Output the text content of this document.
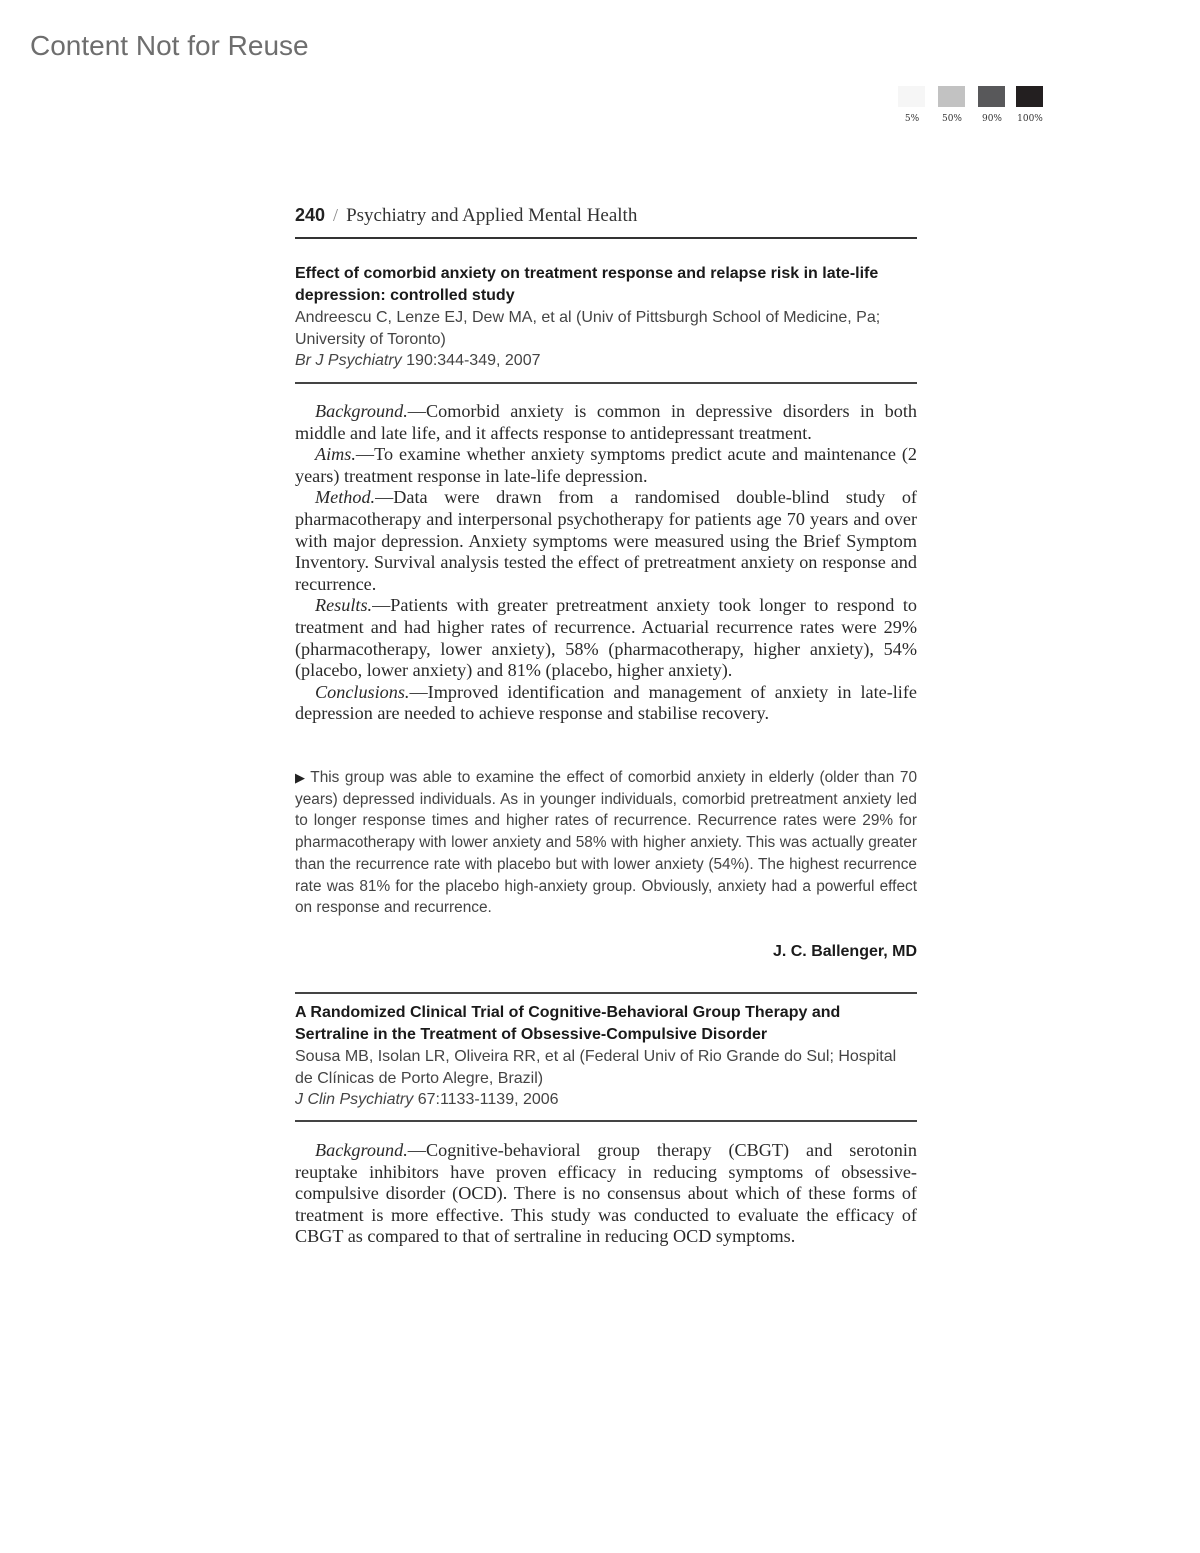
Content Not for Reuse
5%	50%	90%	100%
240 / Psychiatry and Applied Mental Health
Effect of comorbid anxiety on treatment response and relapse risk in late-life depression: controlled study
Andreescu C, Lenze EJ, Dew MA, et al (Univ of Pittsburgh School of Medicine, Pa; University of Toronto)
Br J Psychiatry 190:344-349, 2007

Background.—Comorbid anxiety is common in depressive disorders in both middle and late life, and it affects response to antidepressant treatment.

Aims.—To examine whether anxiety symptoms predict acute and maintenance (2 years) treatment response in late-life depression.

Method.—Data were drawn from a randomised double-blind study of pharmacotherapy and interpersonal psychotherapy for patients age 70 years and over with major depression. Anxiety symptoms were measured using the Brief Symptom Inventory. Survival analysis tested the effect of pretreatment anxiety on response and recurrence.

Results.—Patients with greater pretreatment anxiety took longer to respond to treatment and had higher rates of recurrence. Actuarial recurrence rates were 29% (pharmacotherapy, lower anxiety), 58% (pharmacotherapy, higher anxiety), 54% (placebo, lower anxiety) and 81% (placebo, higher anxiety).

Conclusions.—Improved identification and management of anxiety in late-life depression are needed to achieve response and stabilise recovery.

▶ This group was able to examine the effect of comorbid anxiety in elderly (older than 70 years) depressed individuals. As in younger individuals, comorbid pretreatment anxiety led to longer response times and higher rates of recurrence. Recurrence rates were 29% for pharmacotherapy with lower anxiety and 58% with higher anxiety. This was actually greater than the recurrence rate with placebo but with lower anxiety (54%). The highest recurrence rate was 81% for the placebo high-anxiety group. Obviously, anxiety had a powerful effect on response and recurrence.
J. C. Ballenger, MD
A Randomized Clinical Trial of Cognitive-Behavioral Group Therapy and Sertraline in the Treatment of Obsessive-Compulsive Disorder
Sousa MB, Isolan LR, Oliveira RR, et al (Federal Univ of Rio Grande do Sul; Hospital de Clínicas de Porto Alegre, Brazil)
J Clin Psychiatry 67:1133-1139, 2006

Background.—Cognitive-behavioral group therapy (CBGT) and serotonin reuptake inhibitors have proven efficacy in reducing symptoms of obsessive-compulsive disorder (OCD). There is no consensus about which of these forms of treatment is more effective. This study was conducted to evaluate the efficacy of CBGT as compared to that of sertraline in reducing OCD symptoms.
